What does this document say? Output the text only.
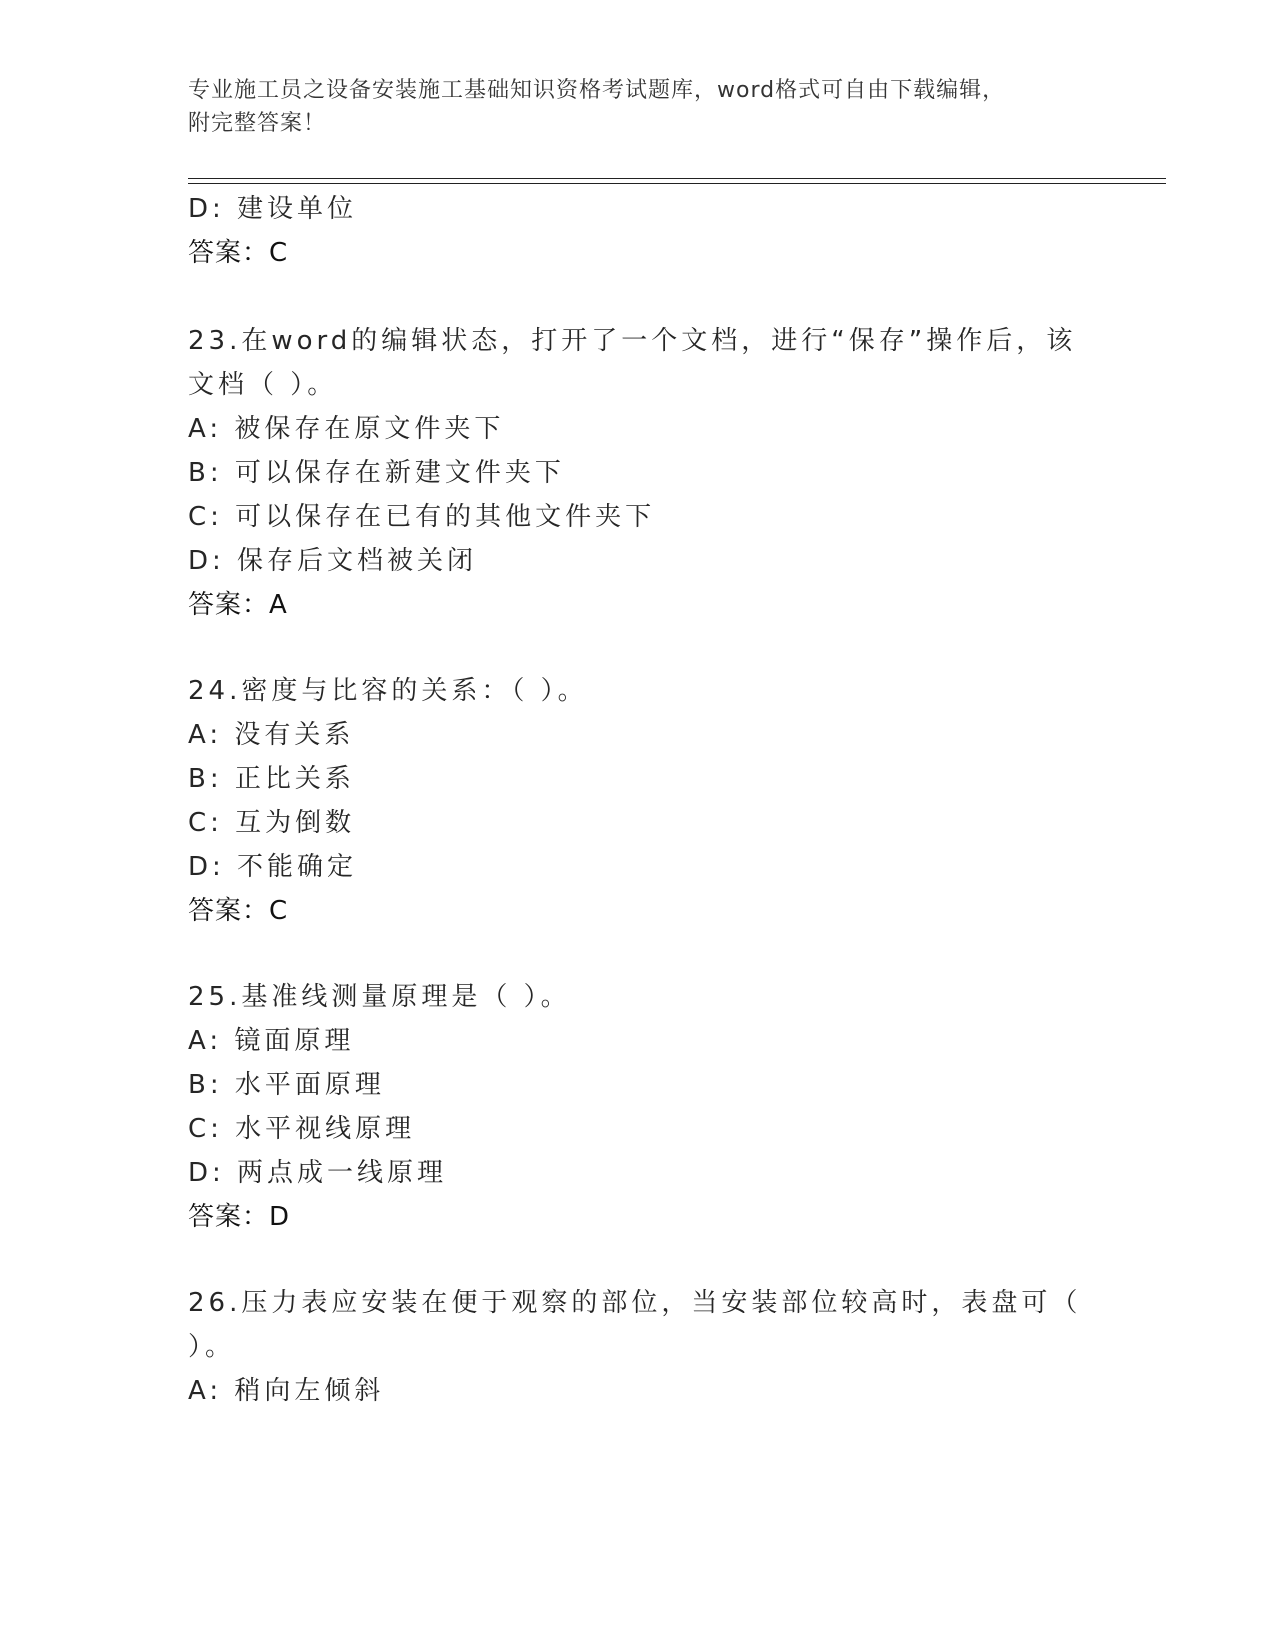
专业施工员之设备安装施工基础知识资格考试题库，word格式可自由下载编辑，
附完整答案！
D: 建设单位
答案：C
23.在word的编辑状态，打开了一个文档，进行“保存”操作后，该
文档（ ）。
A: 被保存在原文件夹下
B: 可以保存在新建文件夹下
C: 可以保存在已有的其他文件夹下
D: 保存后文档被关闭
答案：A
24.密度与比容的关系：（ ）。
A: 没有关系
B: 正比关系
C: 互为倒数
D: 不能确定
答案：C
25.基准线测量原理是（ ）。
A: 镜面原理
B: 水平面原理
C: 水平视线原理
D: 两点成一线原理
答案：D
26.压力表应安装在便于观察的部位，当安装部位较高时，表盘可（
）。
A: 稍向左倾斜
